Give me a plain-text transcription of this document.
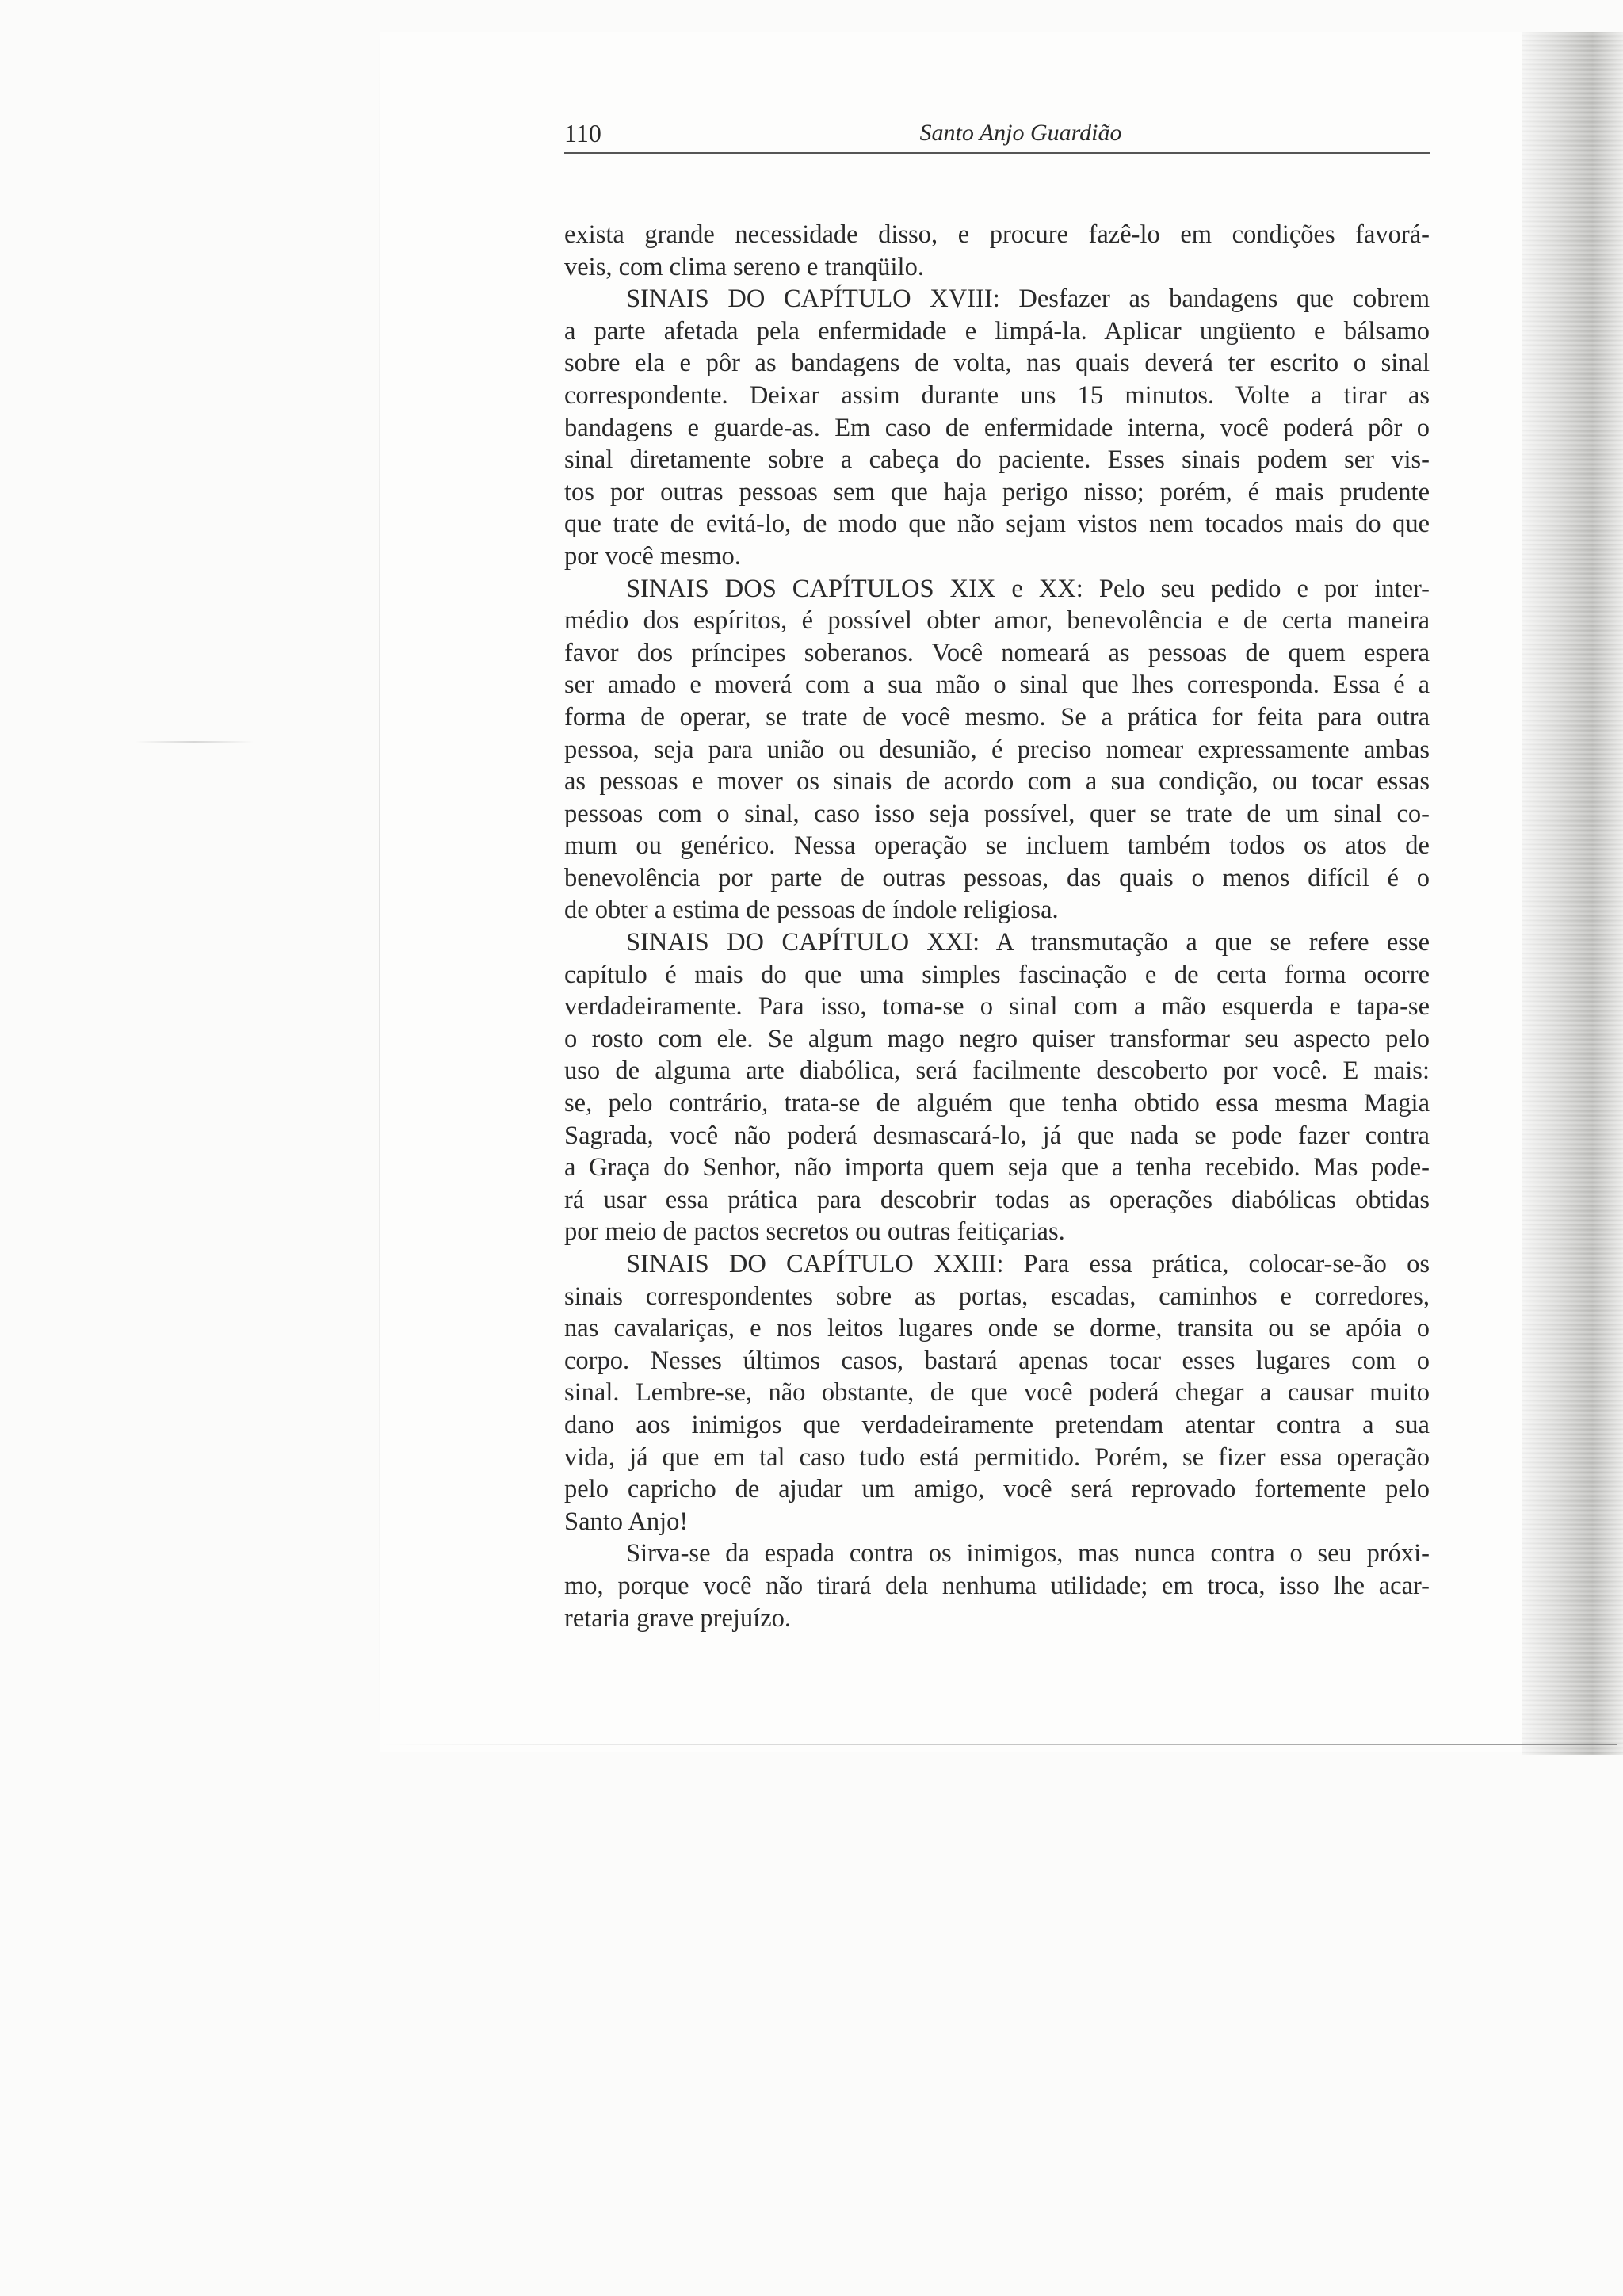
110	Santo Anjo Guardião
exista grande necessidade disso, e procure fazê-lo em condições favorá-
veis, com clima sereno e tranqüilo.
SINAIS DO CAPÍTULO XVIII: Desfazer as bandagens que cobrem
a parte afetada pela enfermidade e limpá-la. Aplicar ungüento e bálsamo
sobre ela e pôr as bandagens de volta, nas quais deverá ter escrito o sinal
correspondente. Deixar assim durante uns 15 minutos. Volte a tirar as
bandagens e guarde-as. Em caso de enfermidade interna, você poderá pôr o
sinal diretamente sobre a cabeça do paciente. Esses sinais podem ser vis-
tos por outras pessoas sem que haja perigo nisso; porém, é mais prudente
que trate de evitá-lo, de modo que não sejam vistos nem tocados mais do que
por você mesmo.
SINAIS DOS CAPÍTULOS XIX e XX: Pelo seu pedido e por inter-
médio dos espíritos, é possível obter amor, benevolência e de certa maneira
favor dos príncipes soberanos. Você nomeará as pessoas de quem espera
ser amado e moverá com a sua mão o sinal que lhes corresponda. Essa é a
forma de operar, se trate de você mesmo. Se a prática for feita para outra
pessoa, seja para união ou desunião, é preciso nomear expressamente ambas
as pessoas e mover os sinais de acordo com a sua condição, ou tocar essas
pessoas com o sinal, caso isso seja possível, quer se trate de um sinal co-
mum ou genérico. Nessa operação se incluem também todos os atos de
benevolência por parte de outras pessoas, das quais o menos difícil é o
de obter a estima de pessoas de índole religiosa.
SINAIS DO CAPÍTULO XXI: A transmutação a que se refere esse
capítulo é mais do que uma simples fascinação e de certa forma ocorre
verdadeiramente. Para isso, toma-se o sinal com a mão esquerda e tapa-se
o rosto com ele. Se algum mago negro quiser transformar seu aspecto pelo
uso de alguma arte diabólica, será facilmente descoberto por você. E mais:
se, pelo contrário, trata-se de alguém que tenha obtido essa mesma Magia
Sagrada, você não poderá desmascará-lo, já que nada se pode fazer contra
a Graça do Senhor, não importa quem seja que a tenha recebido. Mas pode-
rá usar essa prática para descobrir todas as operações diabólicas obtidas
por meio de pactos secretos ou outras feitiçarias.
SINAIS DO CAPÍTULO XXIII: Para essa prática, colocar-se-ão os
sinais correspondentes sobre as portas, escadas, caminhos e corredores,
nas cavalariças, e nos leitos lugares onde se dorme, transita ou se apóia o
corpo. Nesses últimos casos, bastará apenas tocar esses lugares com o
sinal. Lembre-se, não obstante, de que você poderá chegar a causar muito
dano aos inimigos que verdadeiramente pretendam atentar contra a sua
vida, já que em tal caso tudo está permitido. Porém, se fizer essa operação
pelo capricho de ajudar um amigo, você será reprovado fortemente pelo
Santo Anjo!
Sirva-se da espada contra os inimigos, mas nunca contra o seu próxi-
mo, porque você não tirará dela nenhuma utilidade; em troca, isso lhe acar-
retaria grave prejuízo.
